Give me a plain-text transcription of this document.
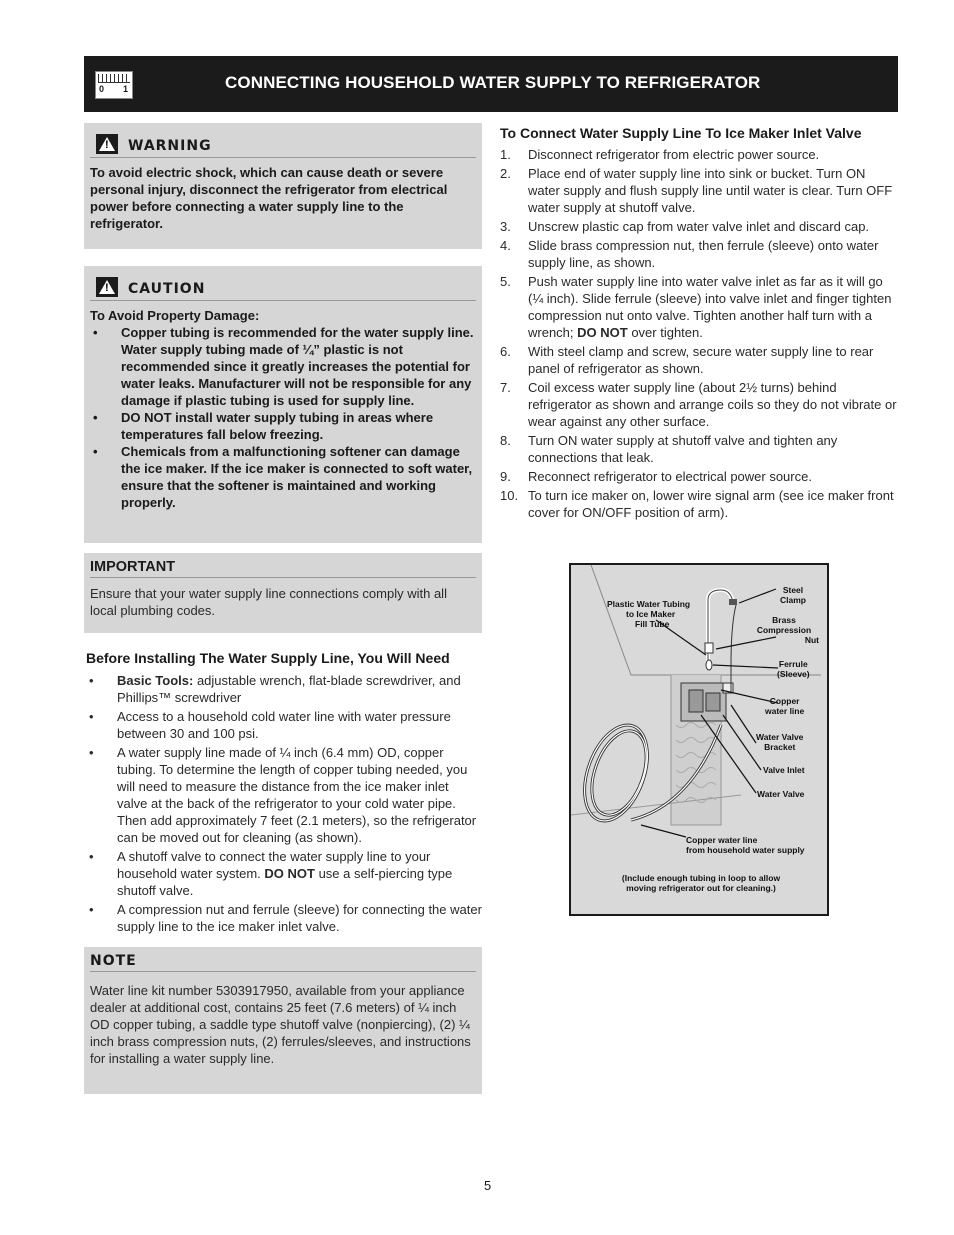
0 1	CONNECTING HOUSEHOLD WATER SUPPLY TO REFRIGERATOR
! WARNING

To avoid electric shock, which can cause death or severe personal injury, disconnect the refrigerator from electrical power before connecting a water supply line to the refrigerator.

! CAUTION

To Avoid Property Damage:

•	Copper tubing is recommended for the water supply line. Water supply tubing made of ¼” plastic is not recommended since it greatly increases the potential for water leaks. Manufacturer will not be responsible for any damage if plastic tubing is used for supply line.
•	DO NOT install water supply tubing in areas where temperatures fall below freezing.
•	Chemicals from a malfunctioning softener can damage the ice maker. If the ice maker is connected to soft water, ensure that the softener is maintained and working properly.
IMPORTANT

Ensure that your water supply line connections comply with all local plumbing codes.

Before Installing The Water Supply Line, You Will Need
•	Basic Tools: adjustable wrench, flat-blade screwdriver, and Phillips™ screwdriver
•	Access to a household cold water line with water pressure between 30 and 100 psi.
•	A water supply line made of ¼ inch (6.4 mm) OD, copper tubing. To determine the length of copper tubing needed, you will need to measure the distance from the ice maker inlet valve at the back of the refrigerator to your cold water pipe. Then add approximately 7 feet (2.1 meters), so the refrigerator can be moved out for cleaning (as shown).
•	A shutoff valve to connect the water supply line to your household water system. DO NOT use a self-piercing type shutoff valve.
•	A compression nut and ferrule (sleeve) for connecting the water supply line to the ice maker inlet valve.
NOTE

Water line kit number 5303917950, available from your appliance dealer at additional cost, contains 25 feet (7.6 meters) of ¼ inch OD copper tubing, a saddle type shutoff valve (nonpiercing), (2) ¼ inch brass compression nuts, (2) ferrules/sleeves, and instructions for installing a water supply line.

To Connect Water Supply Line To Ice Maker Inlet Valve
1.	Disconnect refrigerator from electric power source.
2.	Place end of water supply line into sink or bucket. Turn ON water supply and flush supply line until water is clear. Turn OFF water supply at shutoff valve.
3.	Unscrew plastic cap from water valve inlet and discard cap.
4.	Slide brass compression nut, then ferrule (sleeve) onto water supply line, as shown.
5.	Push water supply line into water valve inlet as far as it will go (¼ inch). Slide ferrule (sleeve) into valve inlet and finger tighten compression nut onto valve. Tighten another half turn with a wrench; DO NOT over tighten.
6.	With steel clamp and screw, secure water supply line to rear panel of refrigerator as shown.
7.	Coil excess water supply line (about 2½ turns) behind refrigerator as shown and arrange coils so they do not vibrate or wear against any other surface.
8.	Turn ON water supply at shutoff valve and tighten any connections that leak.
9.	Reconnect refrigerator to electrical power source.
10. To turn ice maker on, lower wire signal arm (see ice maker front cover for ON/OFF position of arm).
Plastic Water Tubing
to Ice Maker
Fill Tube
Steel
Clamp
Brass
Compression
Nut
Ferrule
(Sleeve)
Copper
water line
Water Valve
Bracket
Valve Inlet
Water Valve
Copper water line
from household water supply
(Include enough tubing in loop to allow
moving refrigerator out for cleaning.)
5
